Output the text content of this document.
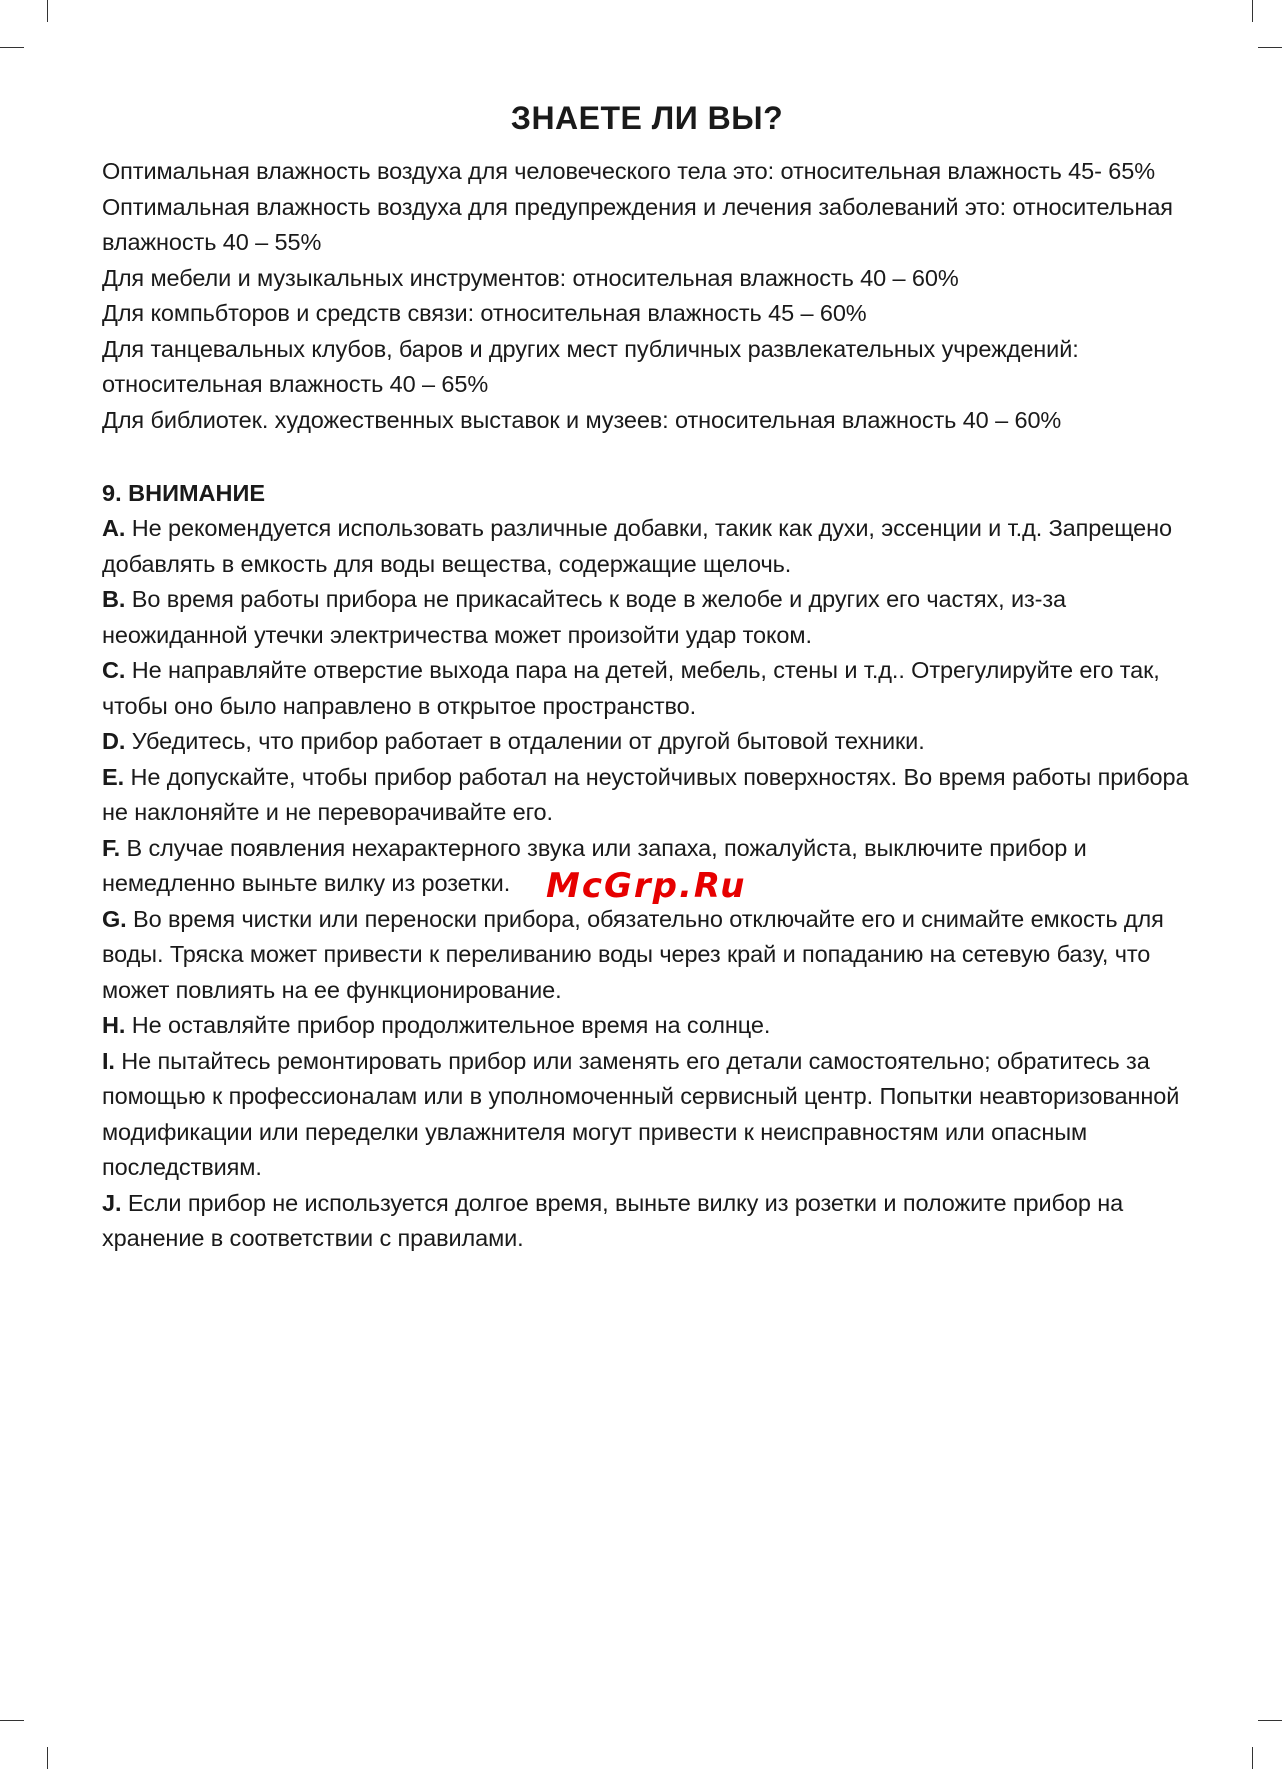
ЗНАЕТЕ ЛИ ВЫ?

Оптимальная влажность воздуха для человеческого тела это: относительная влажность 45- 65%

Оптимальная влажность воздуха для предупреждения и лечения заболеваний это: относительная влажность 40 – 55%

Для мебели и музыкальных инструментов: относительная влажность 40 – 60%

Для компьбторов и средств связи: относительная влажность 45 – 60%

Для танцевальных клубов, баров и других мест публичных развлекательных учреждений: относительная влажность 40 – 65%

Для библиотек. художественных выставок и музеев: относительная влажность 40 – 60%

9. ВНИМАНИЕ

A. Не рекомендуется использовать различные добавки, такик как духи, эссенции и т.д. Запрещено добавлять в емкость для воды вещества, содержащие щелочь.

B. Во время работы прибора не прикасайтесь к воде в желобе и других его частях, из-за неожиданной утечки электричества может произойти удар током.

C. Не направляйте отверстие выхода пара на детей, мебель, стены и т.д.. Отрегулируйте его так, чтобы оно было направлено в открытое пространство.

D. Убедитесь, что прибор работает в отдалении от другой бытовой техники.

E. Не допускайте, чтобы прибор работал на неустойчивых поверхностях. Во время работы прибора не наклоняйте и не переворачивайте его.

F. В случае появления нехарактерного звука или запаха, пожалуйста, выключите прибор и немедленно выньте вилку из розетки.

G. Во время чистки или переноски прибора, обязательно отключайте его и снимайте емкость для воды. Тряска может привести к переливанию воды через край и попаданию на сетевую базу, что может повлиять на ее функционирование.

H. Не оставляйте прибор продолжительное время на солнце.

I. Не пытайтесь ремонтировать прибор или заменять его детали самостоятельно; обратитесь за помощью к профессионалам или в уполномоченный сервисный центр. Попытки неавторизованной модификации или переделки увлажнителя могут привести к неисправностям или опасным последствиям.

J. Если прибор не используется долгое время, выньте вилку из розетки и положите прибор на хранение в соответствии с правилами.

McGrp.Ru
